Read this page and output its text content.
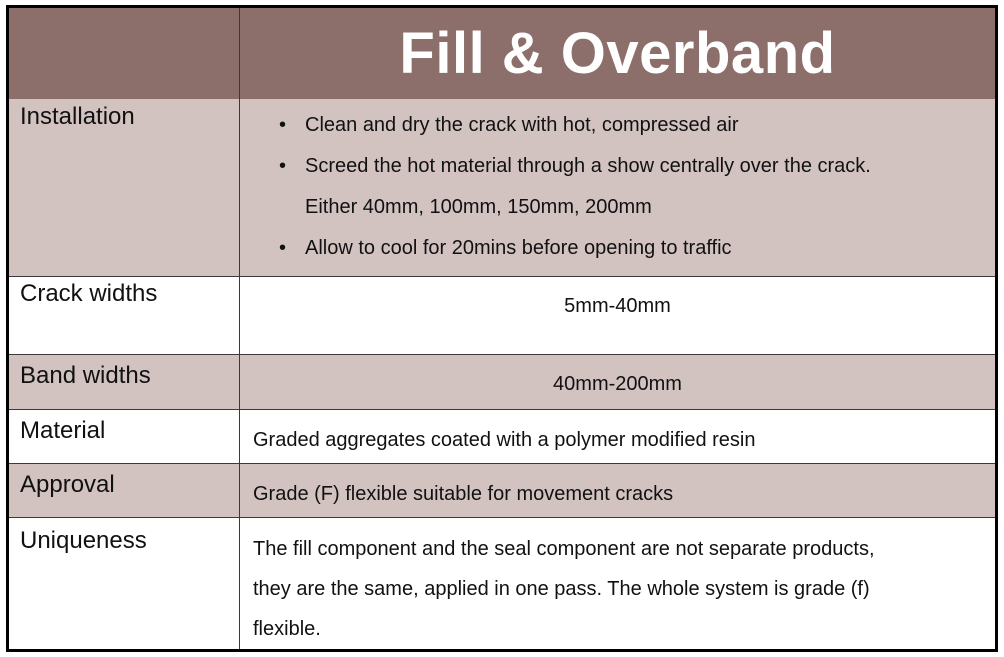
Fill & Overband
Installation	• Clean and dry the crack with hot, compressed air
• Screed the hot material through a show centrally over the crack.
Either 40mm, 100mm, 150mm, 200mm
• Allow to cool for 20mins before opening to traffic
Crack widths	5mm-40mm
Band widths	40mm-200mm
Material	Graded aggregates coated with a polymer modified resin
Approval	Grade (F) flexible suitable for movement cracks
Uniqueness	The fill component and the seal component are not separate products,
they are the same, applied in one pass. The whole system is grade (f)
flexible.
